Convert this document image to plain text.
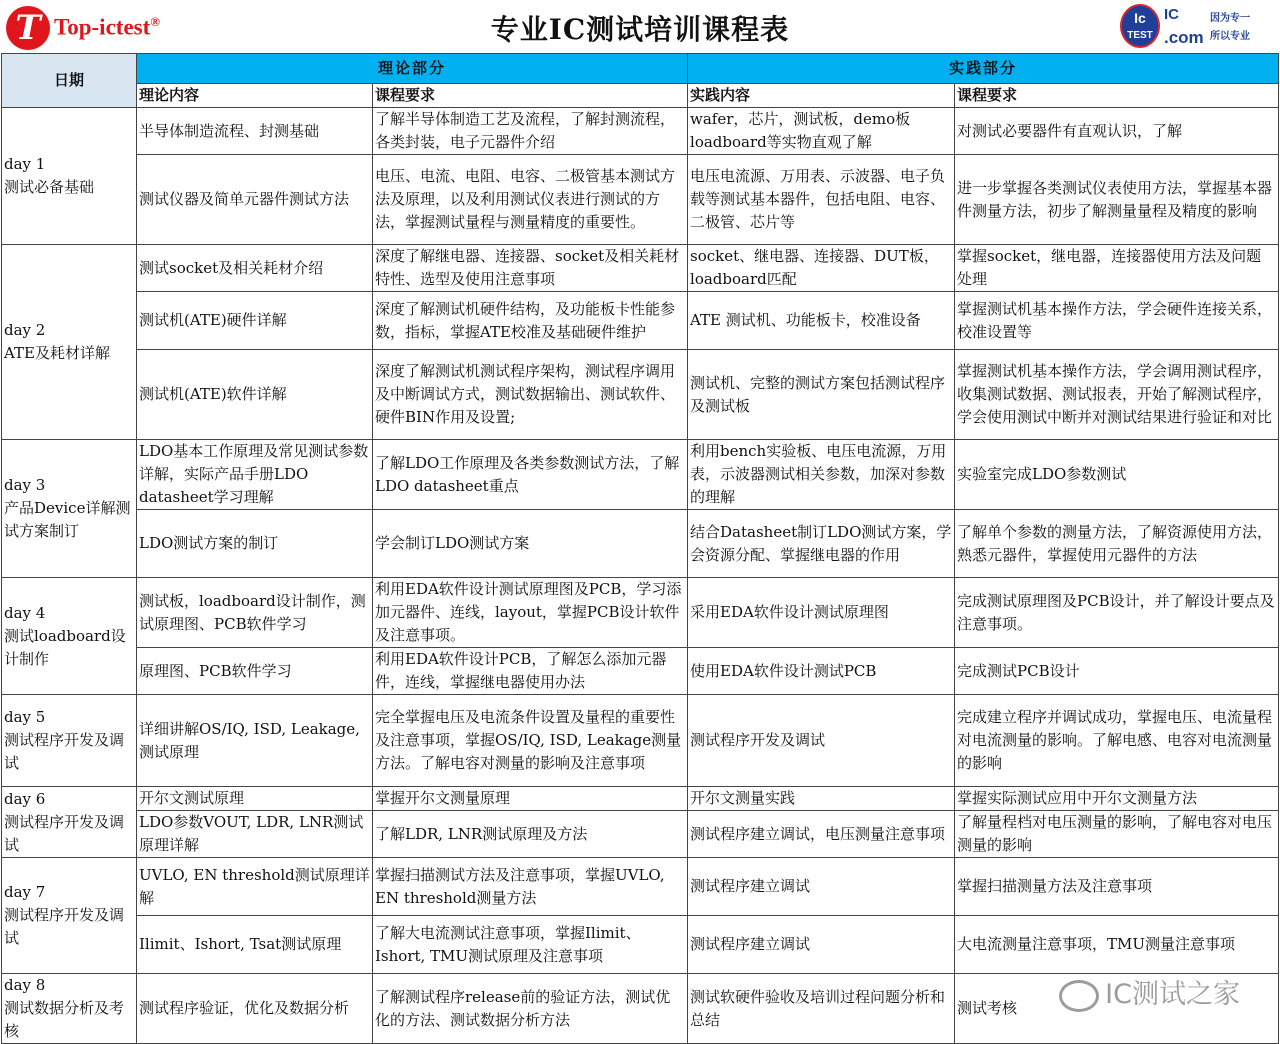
T Top-ictest®	专业IC测试培训课程表	Ic
TEST
IC
.com
因为专一
所以专业
日期	理论部分		实践部分	
	理论内容	课程要求	实践内容	课程要求

day 1
测试必备基础	半导体制造流程、封测基础	了解半导体制造工艺及流程，了解封测流程，各类封装，电子元器件介绍	wafer，芯片，测试板，demo板loadboard等实物直观了解	对测试必要器件有直观认识，了解
	测试仪器及简单元器件测试方法	电压、电流、电阻、电容、二极管基本测试方法及原理，以及利用测试仪表进行测试的方法，掌握测试量程与测量精度的重要性。	电压电流源、万用表、示波器、电子负载等测试基本器件，包括电阻、电容、二极管、芯片等	进一步掌握各类测试仪表使用方法，掌握基本器件测量方法，初步了解测量量程及精度的影响

day 2
ATE及耗材详解	测试socket及相关耗材介绍	深度了解继电器、连接器、socket及相关耗材特性、选型及使用注意事项	socket、继电器、连接器、DUT板，loadboard匹配	掌握socket，继电器，连接器使用方法及问题处理
	测试机(ATE)硬件详解	深度了解测试机硬件结构，及功能板卡性能参数，指标，掌握ATE校准及基础硬件维护	ATE 测试机、功能板卡，校准设备	掌握测试机基本操作方法，学会硬件连接关系，校准设置等
	测试机(ATE)软件详解	深度了解测试机测试程序架构，测试程序调用及中断调试方式，测试数据输出、测试软件、硬件BIN作用及设置;	测试机、完整的测试方案包括测试程序及测试板	掌握测试机基本操作方法，学会调用测试程序，收集测试数据、测试报表，开始了解测试程序，学会使用测试中断并对测试结果进行验证和对比

day 3
产品Device详解测试方案制订	LDO基本工作原理及常见测试参数详解，实际产品手册LDO datasheet学习理解	了解LDO工作原理及各类参数测试方法，了解LDO datasheet重点	利用bench实验板、电压电流源，万用表，示波器测试相关参数，加深对参数的理解	实验室完成LDO参数测试
	LDO测试方案的制订	学会制订LDO测试方案	结合Datasheet制订LDO测试方案，学会资源分配、掌握继电器的作用	了解单个参数的测量方法，了解资源使用方法，熟悉元器件，掌握使用元器件的方法

day 4
测试loadboard设计制作	测试板，loadboard设计制作，测试原理图、PCB软件学习	利用EDA软件设计测试原理图及PCB，学习添加元器件、连线，layout，掌握PCB设计软件及注意事项。	采用EDA软件设计测试原理图	完成测试原理图及PCB设计，并了解设计要点及注意事项。
	原理图、PCB软件学习	利用EDA软件设计PCB，了解怎么添加元器件，连线，掌握继电器使用办法	使用EDA软件设计测试PCB	完成测试PCB设计

day 5
测试程序开发及调试	详细讲解OS/IQ, ISD, Leakage,测试原理	完全掌握电压及电流条件设置及量程的重要性及注意事项，掌握OS/IQ, ISD, Leakage测量方法。了解电容对测量的影响及注意事项	测试程序开发及调试	完成建立程序并调试成功，掌握电压、电流量程对电流测量的影响。了解电感、电容对电流测量的影响

day 6
测试程序开发及调试	开尔文测试原理	掌握开尔文测量原理	开尔文测量实践	掌握实际测试应用中开尔文测量方法
	LDO参数VOUT, LDR, LNR测试原理详解	了解LDR, LNR测试原理及方法	测试程序建立调试，电压测量注意事项	了解量程档对电压测量的影响，了解电容对电压测量的影响

day 7
测试程序开发及调试	UVLO, EN threshold测试原理详解	掌握扫描测试方法及注意事项，掌握UVLO, EN threshold测量方法	测试程序建立调试	掌握扫描测量方法及注意事项
	Ilimit、Ishort, Tsat测试原理	了解大电流测试注意事项，掌握Ilimit、Ishort, TMU测试原理及注意事项	测试程序建立调试	大电流测量注意事项，TMU测量注意事项

day 8
测试数据分析及考核	测试程序验证，优化及数据分析	了解测试程序release前的验证方法，测试优化的方法、测试数据分析方法	测试软硬件验收及培训过程问题分析和总结	测试考核	IC测试之家
